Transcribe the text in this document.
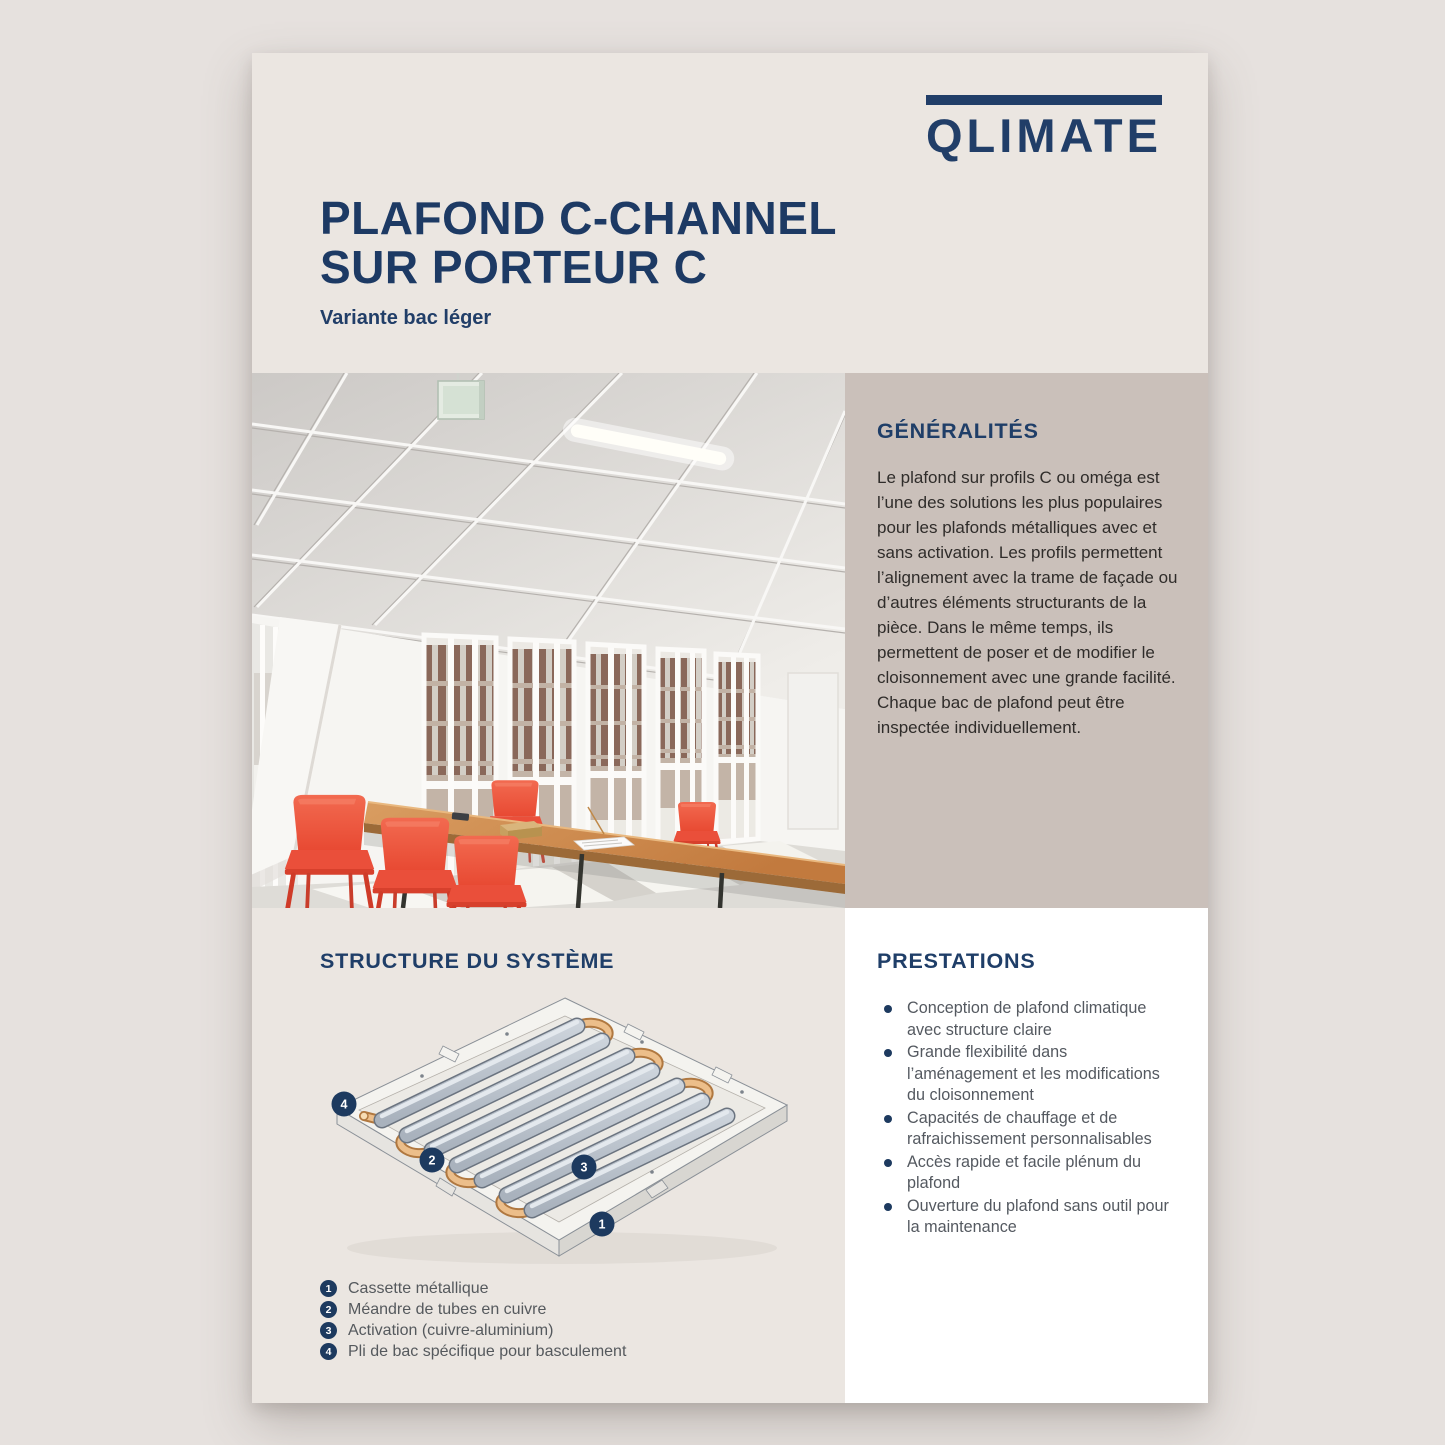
QLIMATE
PLAFOND C-CHANNEL
SUR PORTEUR C
Variante bac léger
GÉNÉRALITÉS

Le plafond sur profils C ou oméga est l’une des solutions les plus populaires pour les plafonds métalliques avec et sans activation. Les profils permettent l’alignement avec la trame de façade ou d’autres éléments structurants de la pièce. Dans le même temps, ils permettent de poser et de modifier le cloisonnement avec une grande facilité. Chaque bac de plafond peut être inspectée individuellement.

STRUCTURE DU SYSTÈME
4
2	3
1
1	Cassette métallique
2	Méandre de tubes en cuivre
3	Activation (cuivre-aluminium)
4	Pli de bac spécifique pour basculement
PRESTATIONS
Conception de plafond climatique avec structure claire
Grande flexibilité dans l’aménagement et les modifications du cloisonnement
Capacités de chauffage et de rafraichissement personnalisables
Accès rapide et facile plénum du plafond
Ouverture du plafond sans outil pour la maintenance
